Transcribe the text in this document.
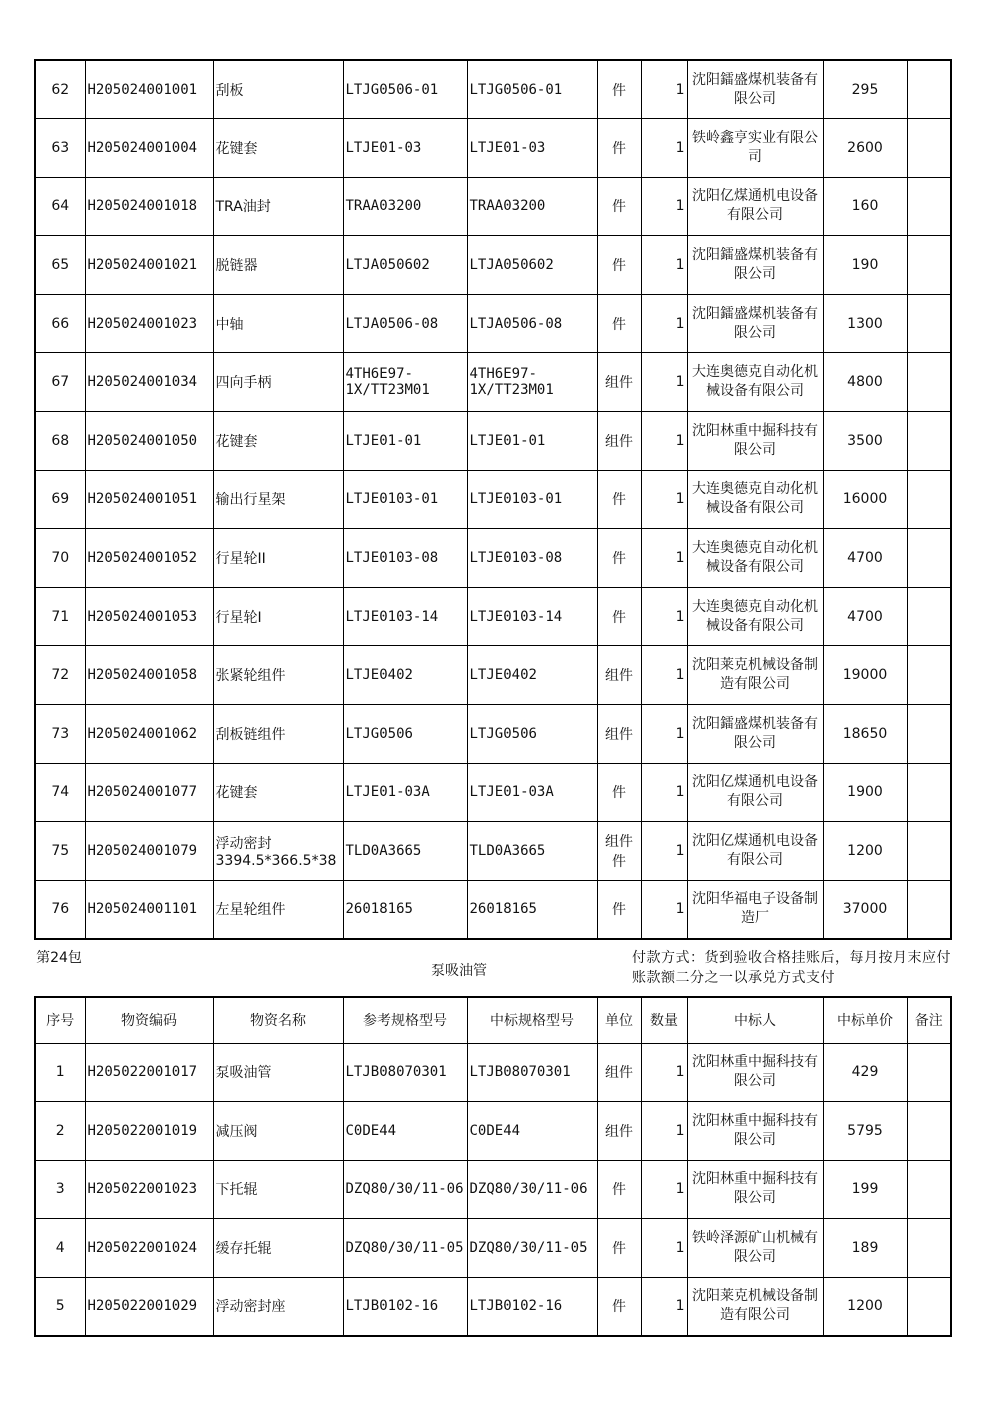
62	H205024001001	刮板	LTJG0506-01	LTJG0506-01	件	1	沈阳鐳盛煤机装备有限公司	295	
63	H205024001004	花键套	LTJE01-03	LTJE01-03	件	1	铁岭鑫亨实业有限公司	2600	
64	H205024001018	TRA油封	TRAA03200	TRAA03200	件	1	沈阳亿煤通机电设备有限公司	160	
65	H205024001021	脱链器	LTJA050602	LTJA050602	件	1	沈阳鐳盛煤机装备有限公司	190	
66	H205024001023	中轴	LTJA0506-08	LTJA0506-08	件	1	沈阳鐳盛煤机装备有限公司	1300	
67	H205024001034	四向手柄	4TH6E97-1X/TT23M01	4TH6E97-1X/TT23M01	组件	1	大连奥德克自动化机械设备有限公司	4800	
68	H205024001050	花键套	LTJE01-01	LTJE01-01	组件	1	沈阳林重中掘科技有限公司	3500	
69	H205024001051	输出行星架	LTJE0103-01	LTJE0103-01	件	1	大连奥德克自动化机械设备有限公司	16000	
70	H205024001052	行星轮II	LTJE0103-08	LTJE0103-08	件	1	大连奥德克自动化机械设备有限公司	4700	
71	H205024001053	行星轮I	LTJE0103-14	LTJE0103-14	件	1	大连奥德克自动化机械设备有限公司	4700	
72	H205024001058	张紧轮组件	LTJE0402	LTJE0402	组件	1	沈阳莱克机械设备制造有限公司	19000	
73	H205024001062	刮板链组件	LTJG0506	LTJG0506	组件	1	沈阳鐳盛煤机装备有限公司	18650	
74	H205024001077	花键套	LTJE01-03A	LTJE01-03A	件	1	沈阳亿煤通机电设备有限公司	1900	
75	H205024001079	浮动密封3394.5*366.5*38	TLD0A3665	TLD0A3665	组件件	1	沈阳亿煤通机电设备有限公司	1200	
76	H205024001101	左星轮组件	26018165	26018165	件	1	沈阳华福电子设备制造厂	37000	
第24包
泵吸油管
付款方式：货到验收合格挂账后，每月按月末应付账款额二分之一以承兑方式支付
序号	物资编码	物资名称	参考规格型号	中标规格型号	单位	数量	中标人	中标单价	备注
1	H205022001017	泵吸油管	LTJB08070301	LTJB08070301	组件	1	沈阳林重中掘科技有限公司	429	
2	H205022001019	减压阀	C0DE44	C0DE44	组件	1	沈阳林重中掘科技有限公司	5795	
3	H205022001023	下托辊	DZQ80/30/11-06	DZQ80/30/11-06	件	1	沈阳林重中掘科技有限公司	199	
4	H205022001024	缓存托辊	DZQ80/30/11-05	DZQ80/30/11-05	件	1	铁岭泽源矿山机械有限公司	189	
5	H205022001029	浮动密封座	LTJB0102-16	LTJB0102-16	件	1	沈阳莱克机械设备制造有限公司	1200	
